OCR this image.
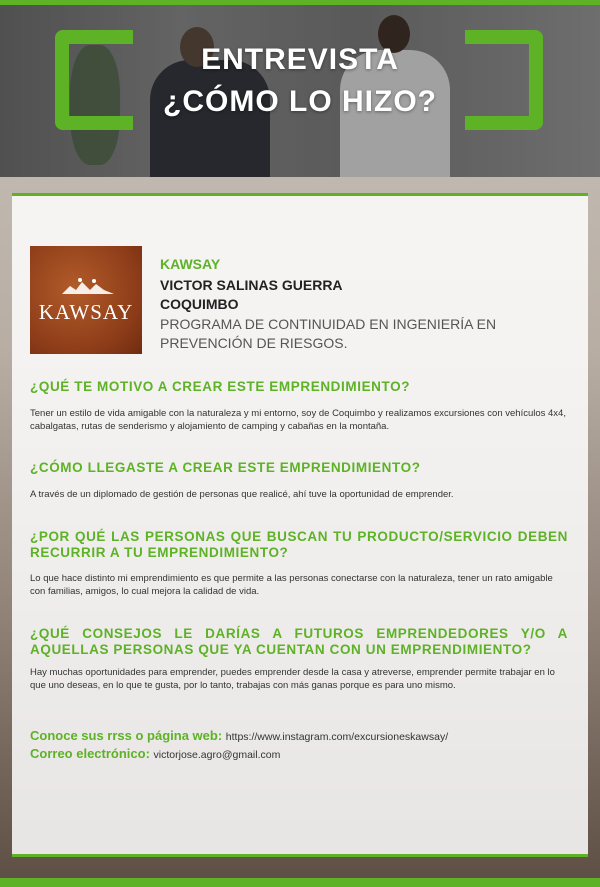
ENTREVISTA
¿CÓMO LO HIZO?
KAWSAY

KAWSAY

VICTOR SALINAS GUERRA

COQUIMBO

PROGRAMA DE CONTINUIDAD EN INGENIERÍA EN PREVENCIÓN DE RIESGOS.

¿QUÉ TE MOTIVO A CREAR ESTE EMPRENDIMIENTO?

Tener un estilo de vida amigable con la naturaleza y mi entorno, soy de Coquimbo y realizamos excursiones con vehículos 4x4, cabalgatas, rutas de senderismo y alojamiento de camping y cabañas en la montaña.

¿CÓMO LLEGASTE A CREAR ESTE EMPRENDIMIENTO?

A través de un diplomado de gestión de personas que realicé, ahí tuve la oportunidad de emprender.

¿POR QUÉ LAS PERSONAS QUE BUSCAN TU PRODUCTO/SERVICIO DEBEN RECURRIR A TU EMPRENDIMIENTO?

Lo que hace distinto mi emprendimiento es que permite a las personas conectarse con la naturaleza, tener un rato amigable con familias, amigos, lo cual mejora la calidad de vida.

¿QUÉ CONSEJOS LE DARÍAS A FUTUROS EMPRENDEDORES Y/O A AQUELLAS PERSONAS QUE YA CUENTAN CON UN EMPRENDIMIENTO?

Hay muchas oportunidades para emprender, puedes emprender desde la casa y atreverse, emprender permite trabajar en lo que uno deseas, en lo que te gusta, por lo tanto, trabajas con más ganas porque es para uno mismo.

Conoce sus rrss o página web: https://www.instagram.com/excursioneskawsay/

Correo electrónico: victorjose.agro@gmail.com
